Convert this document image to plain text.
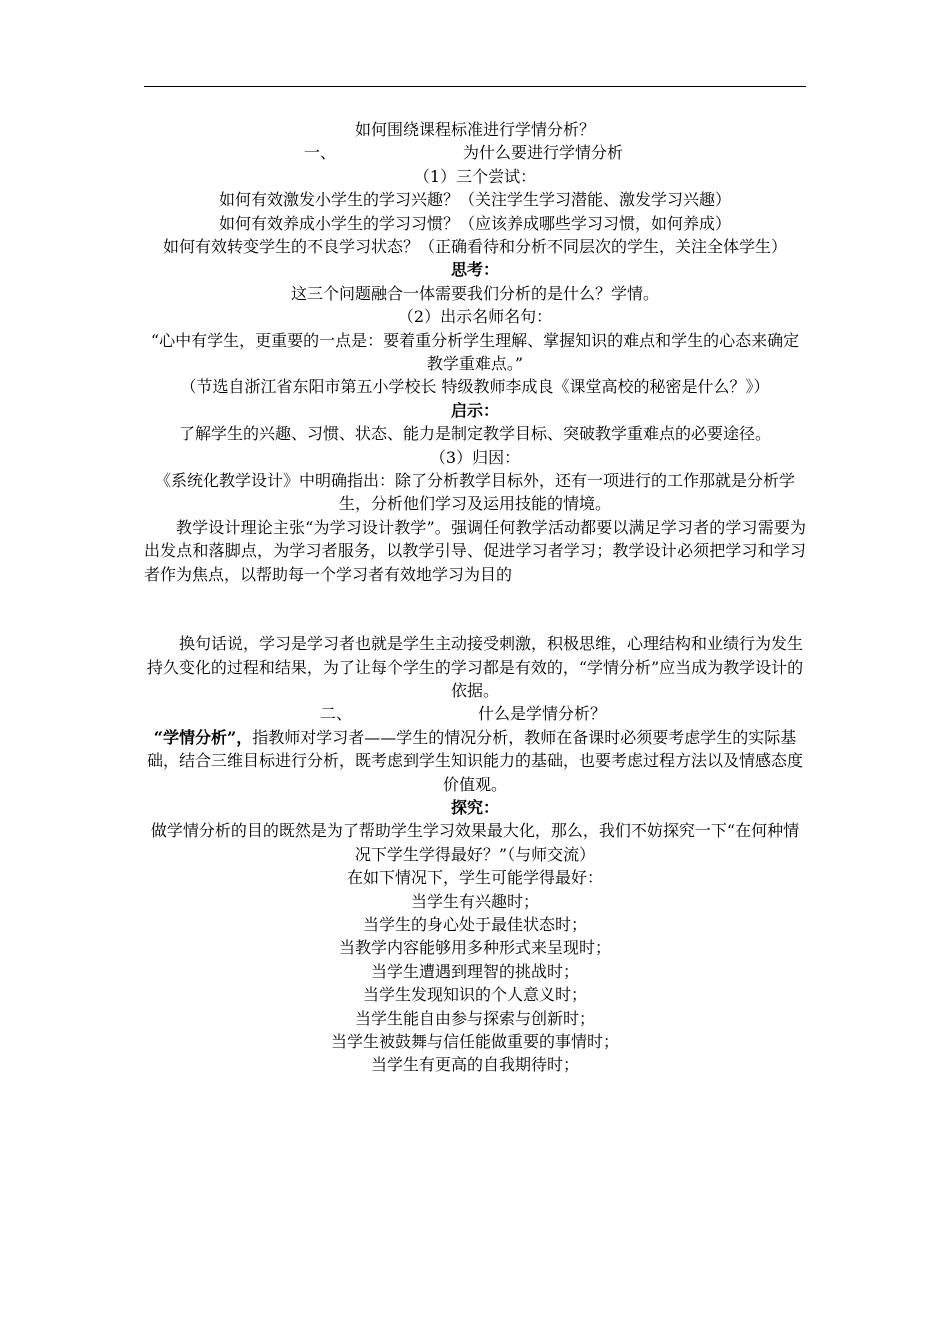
如何围绕课程标准进行学情分析？

一、	为什么要进行学情分析

（1）三个尝试：

如何有效激发小学生的学习兴趣？（关注学生学习潜能、激发学习兴趣）

如何有效养成小学生的学习习惯？（应该养成哪些学习习惯，如何养成）

如何有效转变学生的不良学习状态？（正确看待和分析不同层次的学生，关注全体学生）

思考：

这三个问题融合一体需要我们分析的是什么？学情。

（2）出示名师名句：

“心中有学生，更重要的一点是：要着重分析学生理解、掌握知识的难点和学生的心态来确定教学重难点。”

（节选自浙江省东阳市第五小学校长 特级教师李成良《课堂高校的秘密是什么？》）

启示：

了解学生的兴趣、习惯、状态、能力是制定教学目标、突破教学重难点的必要途径。

（3）归因：

《系统化教学设计》中明确指出：除了分析教学目标外，还有一项进行的工作那就是分析学生，分析他们学习及运用技能的情境。

教学设计理论主张“为学习设计教学”。强调任何教学活动都要以满足学习者的学习需要为出发点和落脚点，为学习者服务，以教学引导、促进学习者学习；教学设计必须把学习和学习者作为焦点，以帮助每一个学习者有效地学习为目的

换句话说，学习是学习者也就是学生主动接受刺激，积极思维，心理结构和业绩行为发生持久变化的过程和结果，为了让每个学生的学习都是有效的，“学情分析”应当成为教学设计的依据。

二、	什么是学情分析？

“学情分析”，指教师对学习者——学生的情况分析，教师在备课时必须要考虑学生的实际基础，结合三维目标进行分析，既考虑到学生知识能力的基础，也要考虑过程方法以及情感态度价值观。

探究：

做学情分析的目的既然是为了帮助学生学习效果最大化，那么，我们不妨探究一下“在何种情况下学生学得最好？”（与师交流）

在如下情况下，学生可能学得最好：

当学生有兴趣时；

当学生的身心处于最佳状态时；

当教学内容能够用多种形式来呈现时；

当学生遭遇到理智的挑战时；

当学生发现知识的个人意义时；

当学生能自由参与探索与创新时；

当学生被鼓舞与信任能做重要的事情时；

当学生有更高的自我期待时；
